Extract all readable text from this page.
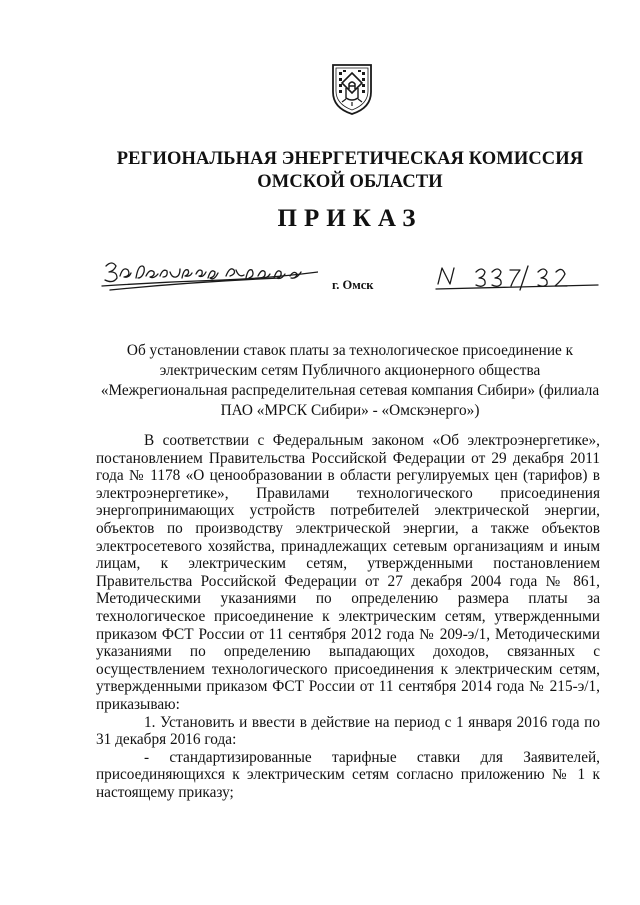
РЕГИОНАЛЬНАЯ ЭНЕРГЕТИЧЕСКАЯ КОМИССИЯ
ОМСКОЙ ОБЛАСТИ
ПРИКАЗ
г. Омск
Об установлении ставок платы за технологическое присоединение к
электрическим сетям Публичного акционерного общества
«Межрегиональная распределительная сетевая компания Сибири» (филиала
ПАО «МРСК Сибири» - «Омскэнерго»)

В соответствии с Федеральным законом «Об электроэнергетике», постановлением Правительства Российской Федерации от 29 декабря 2011 года № 1178 «О ценообразовании в области регулируемых цен (тарифов) в электроэнергетике», Правилами технологического присоединения энергопринимающих устройств потребителей электрической энергии, объектов по производству электрической энергии, а также объектов электросетевого хозяйства, принадлежащих сетевым организациям и иным лицам, к электрическим сетям, утвержденными постановлением Правительства Российской Федерации от 27 декабря 2004 года № 861, Методическими указаниями по определению размера платы за технологическое присоединение к электрическим сетям, утвержденными приказом ФСТ России от 11 сентября 2012 года № 209-э/1, Методическими указаниями по определению выпадающих доходов, связанных с осуществлением технологического присоединения к электрическим сетям, утвержденными приказом ФСТ России от 11 сентября 2014 года № 215-э/1, приказываю:

1. Установить и ввести в действие на период с 1 января 2016 года по 31 декабря 2016 года:

- стандартизированные тарифные ставки для Заявителей, присоединяющихся к электрическим сетям согласно приложению № 1 к настоящему приказу;
